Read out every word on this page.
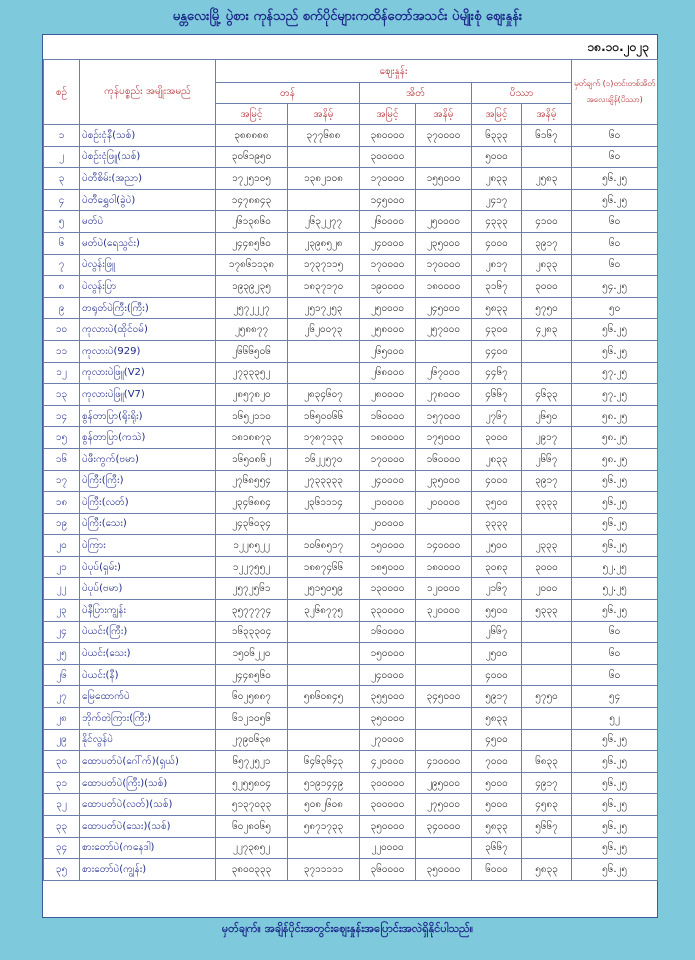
မန္တလေးမြို့ ပွဲစား ကုန်သည် စက်ပိုင်များကထိန်တော်အသင်း ပဲမျိုးစုံ ဈေးနှုန်း
၁၈.၁၀.၂၀၂၃
စဉ်	ကုန်ပစ္စည်း အမျိုးအမည်	ဈေးနှုန်း						မှတ်ချက် (၁)တင်းတစ်အိတ် အလေးချိန်(ပိဿာ)
		တန်		အိတ်		ပိဿာ		
		အမြင့်	အနိမ့်	အမြင့်	အနိမ့်	အမြင့်	အနိမ့်	
၁	ပဲစဉ်းငုံနီ(သစ်)	၃၈၈၈၈၈	၃၇၇၆၈၈	၃၈၀၀၀၀	၃၇၀၀၀၀	၆၃၃၃	၆၁၆၇	၆၀
၂	ပဲစဉ်းငုံဖြူ(သစ်)	၃၀၆၁၉၅၀		၃၀၀၀၀၀		၅၀၀၀		၆၀
၃	ပဲတီစိမ်း(အညာ)	၁၇၂၅၁၀၅	၁၃၈၂၁၀၈	၁၇၀၀၀၀	၁၅၅၀၀၀	၂၈၃၃	၂၅၈၃	၅၆.၂၅
၄	ပဲတီရွှေဝါ(ခွဲပဲ)	၁၄၇၈၈၄၃		၁၄၅၀၀၀		၂၄၁၇		၅၆.၂၅
၅	မတ်ပဲ	၂၆၁၃၈၆၀	၂၆၃၂၂၇၇	၂၆၀၀၀၀	၂၅၀၀၀၀	၄၃၃၃	၄၁၀၀	၆၀
၆	မတ်ပဲ(ရေသွင်း)	၂၄၄၈၅၆၀	၂၃၉၈၅၂၈	၂၄၀၀၀၀	၂၃၅၀၀၀	၄၀၀၀	၃၉၁၇	၆၀
၇	ပဲလွန်းဖြူ	၁၇၈၆၁၁၃၈	၁၇၃၇၁၁၅	၁၇၀၀၀၀	၁၇၀၀၀၀	၂၈၁၇	၂၈၃၃	၆၀
၈	ပဲလွန်းပြာ	၁၉၃၉၂၃၅	၁၈၃၇၁၇၀	၁၉၀၀၀၀	၁၈၀၀၀၀	၃၁၆၇	၃၀၀၀	၅၄.၂၅
၉	တရုတ်ပဲကြီး(ကြီး)	၂၅၇၂၂၂၇	၂၅၁၇၂၅၃	၂၅၀၀၀၀	၂၄၅၀၀၀	၅၈၃၃	၅၇၅၀	၅၀
၁၀	ကုလားပဲ(ထိုင်ဝမ်)	၂၅၈၈၇၇	၂၆၂၀၀၇၃	၂၅၈၀၀၀	၂၅၇၀၀၀	၄၃၀၀	၄၂၈၃	၅၆.၂၅
၁၁	ကုလားပဲ(929)	၂၆၆၆၅၀၆		၂၆၅၀၀၀		၄၄၀၀		၅၆.၂၅
၁၂	ကုလားပဲဖြူ(V2)	၂၇၃၃၃၅၂		၂၆၈၀၀၀	၂၆၇၀၀၀	၄၄၆၇		၅၇.၂၅
၁၃	ကုလားပဲဖြူ(V7)	၂၈၅၇၈၂၀	၂၈၃၄၆၀၇	၂၈၀၀၀၀	၂၇၈၀၀၀	၄၆၆၇	၄၆၃၃	၅၇.၂၅
၁၄	စွန်တာပြာ(ရိုးရိုး)	၁၆၅၂၁၁၀	၁၆၅၀၀၆၆	၁၆၀၀၀၀	၁၅၇၀၀၀	၂၇၆၇	၂၆၅၀	၅၈.၂၅
၁၅	စွန်တာပြာ(ကသဲ)	၁၈၁၈၈၇၃	၁၇၈၇၁၃၃	၁၈၀၀၀၀	၁၇၅၀၀၀	၃၀၀၀	၂၉၁၇	၅၈.၂၅
၁၆	ပဲဖီးကွက်(ဗမာ)	၁၆၅၀၈၆၂	၁၆၂၂၅၇၀	၁၇၀၀၀၀	၁၆၀၀၀၀	၂၈၃၃	၂၆၆၇	၅၈.၂၅
၁၇	ပဲကြီး(ကြီး)	၂၇၆၈၅၅၄	၂၇၃၃၃၃၃	၂၄၀၀၀၀	၂၃၅၀၀၀	၄၀၀၀	၃၉၁၇	၅၆.၂၅
၁၈	ပဲကြီး(လတ်)	၂၃၄၆၈၈၄	၂၃၆၁၁၁၄	၂၁၀၀၀၀	၂၀၀၀၀၀	၃၅၀၀	၃၃၃၃	၅၆.၂၅
၁၉	ပဲကြီး(သေး)	၂၄၃၆၀၃၄		၂၀၀၀၀၀		၃၃၃၃		၅၆.၂၅
၂၀	ပဲကြား	၁၂၂၈၅၂၂	၁၀၆၈၅၁၇	၁၅၀၀၀၀	၁၄၀၀၀၀	၂၅၀၀	၂၃၃၃	၅၆.၂၅
၂၁	ပဲပုပ်(ရှမ်း)	၁၂၂၇၅၅၂	၁၈၈၇၄၆၆	၁၈၅၀၀၀	၁၈၀၀၀၀	၃၀၈၃	၃၀၀၀	၅၂.၂၅
၂၂	ပဲပုပ်(ဗမာ)	၂၅၇၂၅၆၁	၂၅၁၅၀၅၉	၁၃၀၀၀၀	၁၂၀၀၀၀	၂၁၆၇	၂၀၀၀	၅၂.၂၅
၂၃	ပဲနီပြားကျွန်း	၃၅၇၇၇၇၄	၃၂၆၈၇၇၅	၃၃၀၀၀၀	၃၂၀၀၀၀	၅၅၀၀	၅၃၃၃	၅၆.၂၅
၂၄	ပဲယင်း(ကြီး)	၁၆၃၃၃၀၄		၁၆၀၀၀၀		၂၆၆၇		၆၀
၂၅	ပဲယင်း(သေး)	၁၅၀၆၂၂၀		၁၅၀၀၀၀		၂၅၀၀		၆၀
၂၆	ပဲယင်း(နီ)	၂၄၄၈၅၆၀		၂၄၀၀၀၀		၄၀၀၀		၆၀
၂၇	မြေထောက်ပဲ	၆၀၂၅၈၈၇	၅၈၆၀၈၄၅	၃၅၅၀၀၀	၃၄၅၀၀၀	၅၉၁၇	၅၇၅၀	၅၄
၂၈	ဘိုက်တဲကြား(ကြီး)	၆၁၂၁၀၅၆		၃၅၀၀၀၀		၅၈၃၃		၅၂
၂၉	နိုင်လွန်ပဲ	၂၇၉၀၆၃၈		၂၇၀၀၀၀		၄၅၀၀		၅၆.၂၅
၃၀	ထောပတ်ပဲ(ဂေါ်က်)(ရှယ်)	၆၅၇၂၅၂၁	၆၄၆၃၆၄၃	၄၂၀၀၀၀	၄၁၀၀၀၀	၇၀၀၀	၆၈၃၃	၅၆.၂၅
၃၁	ထောပတ်ပဲ(ကြီး)(သစ်)	၅၂၅၅၈၀၄	၅၁၉၁၄၄၉	၃၀၀၀၀၀	၂၉၅၀၀၀	၅၀၀၀	၄၉၁၇	၅၆.၂၅
၃၂	ထောပတ်ပဲ(လတ်)(သစ်)	၅၁၃၇၀၃၃	၅၀၈၂၆၀၈	၃၀၀၀၀၀	၂၇၅၀၀၀	၅၀၀၀	၄၅၈၃	၅၆.၂၅
၃၃	ထောပတ်ပဲ(သေး)(သစ်)	၆၀၂၈၀၆၅	၅၈၇၁၇၃၃	၃၅၀၀၀၀	၃၄၀၀၀၀	၅၈၃၃	၅၆၆၇	၅၆.၂၅
၃၄	စားတော်ပဲ(ကနေဒါ)	၂၂၇၃၈၅၂		၂၂၀၀၀၀		၃၆၆၇		၅၆.၂၅
၃၅	စားတော်ပဲ(ကျွန်း)	၃၈၀၀၃၃၃	၃၇၁၁၁၁၁	၃၆၀၀၀၀	၃၅၀၀၀၀	၆၀၀၀	၅၈၃၃	၅၆.၂၅
မှတ်ချက်။ အချိန်ပိုင်းအတွင်းဈေးနှုန်းအပြောင်းအလဲရှိနိုင်ပါသည်။
